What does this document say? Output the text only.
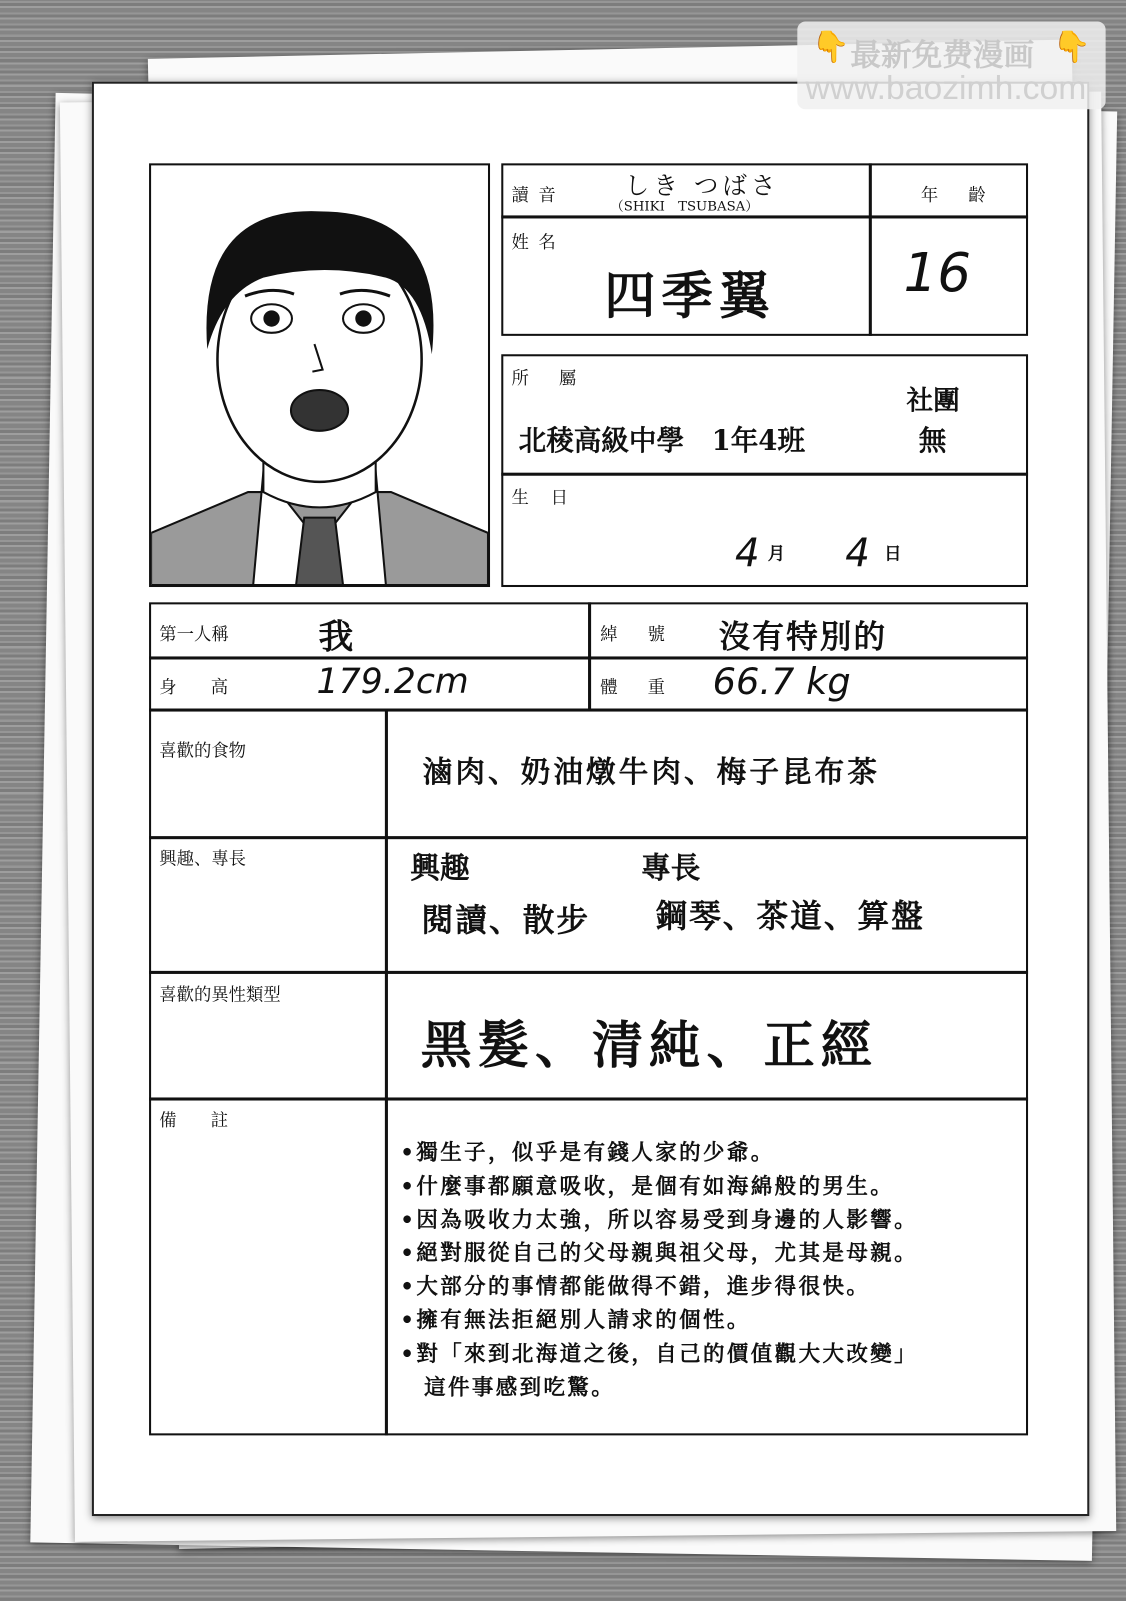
👇 最新免费漫画 👇
www.baozimh.com
讀 音	しき つばさ
（SHIKI　TSUBASA）
年 齡
姓 名
四季翼 16
所 屬
北稜高級中學　1年4班
社團
無
生 日
4 月 4 日
第一人稱	我	綽 號 沒有特別的
身 高 179.2cm	體 重 66.7 kg
喜歡的食物
滷肉、奶油燉牛肉、梅子昆布茶
興趣、專長	興趣	專長
閱讀、散步 鋼琴、茶道、算盤
喜歡的異性類型
黑髮、清純、正經
備 註
•獨生子，似乎是有錢人家的少爺。
•什麼事都願意吸收，是個有如海綿般的男生。
•因為吸收力太強，所以容易受到身邊的人影響。
•絕對服從自己的父母親與祖父母，尤其是母親。
•大部分的事情都能做得不錯，進步得很快。
•擁有無法拒絕別人請求的個性。
•對「來到北海道之後，自己的價值觀大大改變」
　這件事感到吃驚。
